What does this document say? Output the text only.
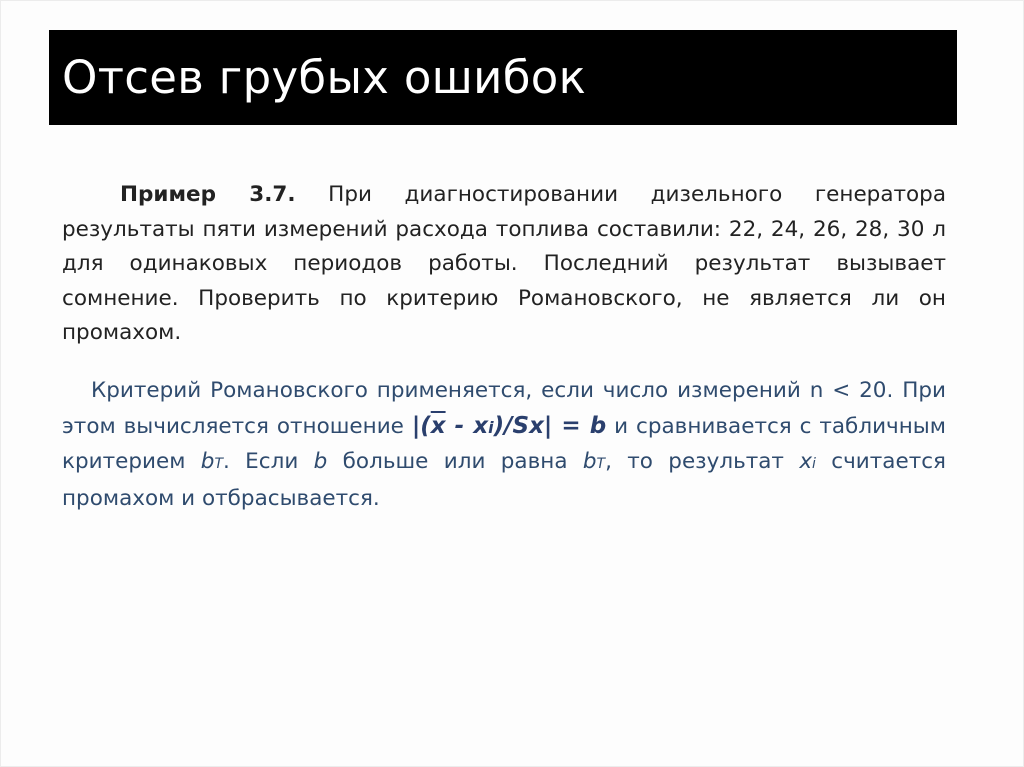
Отсев грубых ошибок
Пример 3.7. При диагностировании дизельного генератора результаты пяти измерений расхода топлива составили: 22, 24, 26, 28, 30 л для одинаковых периодов работы. Последний результат вызывает сомнение. Проверить по критерию Романовского, не является ли он промахом.
Критерий Романовского применяется, если число измерений n < 20. При этом вычисляется отношение $|(\overline{x} - xi)/Sx| = b$ и сравнивается с табличным критерием bT. Если b больше или равна bT, то результат xi считается промахом и отбрасывается.
